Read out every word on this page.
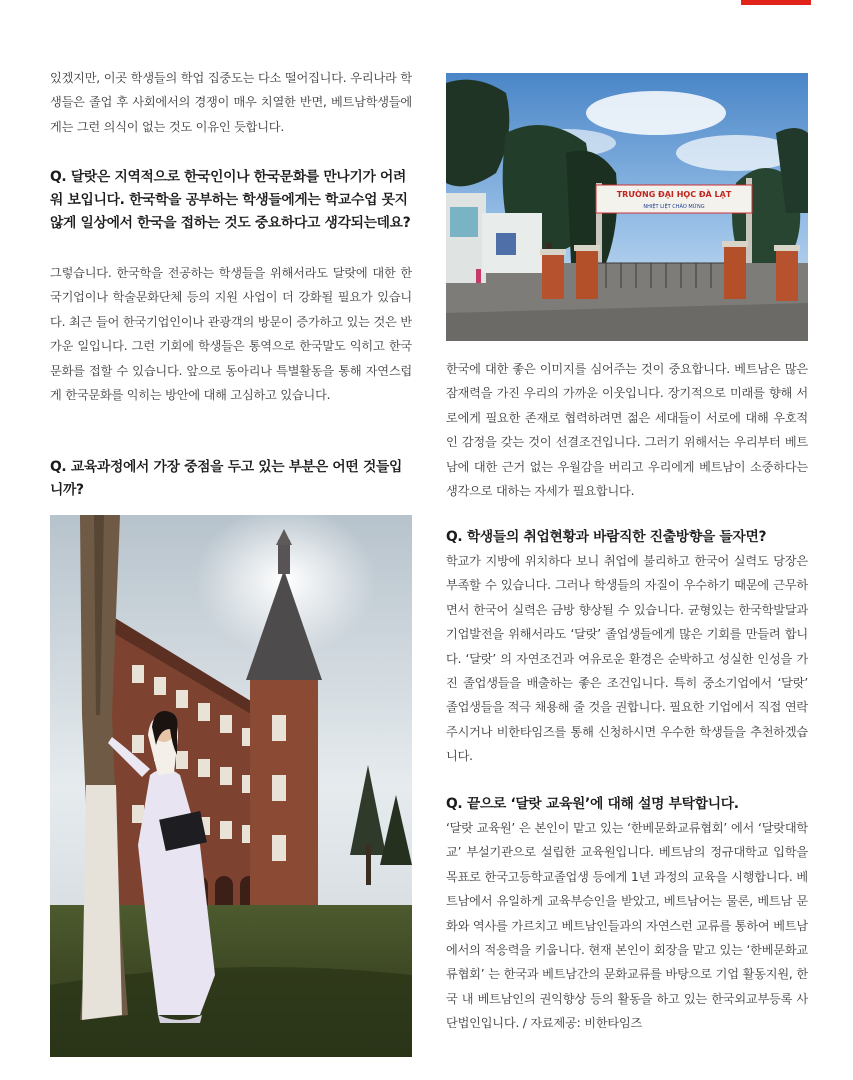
있겠지만, 이곳 학생들의 학업 집중도는 다소 떨어집니다. 우리나라 학생들은 졸업 후 사회에서의 경쟁이 매우 치열한 반면, 베트남학생들에게는 그런 의식이 없는 것도 이유인 듯합니다.

Q. 달랏은 지역적으로 한국인이나 한국문화를 만나기가 어려워 보입니다. 한국학을 공부하는 학생들에게는 학교수업 못지않게 일상에서 한국을 접하는 것도 중요하다고 생각되는데요?

그렇습니다. 한국학을 전공하는 학생들을 위해서라도 달랏에 대한 한국기업이나 학술문화단체 등의 지원 사업이 더 강화될 필요가 있습니다. 최근 들어 한국기업인이나 관광객의 방문이 증가하고 있는 것은 반가운 일입니다. 그런 기회에 학생들은 통역으로 한국말도 익히고 한국문화를 접할 수 있습니다. 앞으로 동아리나 특별활동을 통해 자연스럽게 한국문화를 익히는 방안에 대해 고심하고 있습니다.

Q. 교육과정에서 가장 중점을 두고 있는 부분은 어떤 것들입니까?
TRƯỜNG ĐẠI HỌC ĐÀ LẠT
NHIỆT LIỆT CHÀO MỪNG

한국에 대한 좋은 이미지를 심어주는 것이 중요합니다. 베트남은 많은 잠재력을 가진 우리의 가까운 이웃입니다. 장기적으로 미래를 향해 서로에게 필요한 존재로 협력하려면 젊은 세대들이 서로에 대해 우호적인 감정을 갖는 것이 선결조건입니다. 그러기 위해서는 우리부터 베트남에 대한 근거 없는 우월감을 버리고 우리에게 베트남이 소중하다는 생각으로 대하는 자세가 필요합니다.

Q. 학생들의 취업현황과 바람직한 진출방향을 들자면?

학교가 지방에 위치하다 보니 취업에 불리하고 한국어 실력도 당장은 부족할 수 있습니다. 그러나 학생들의 자질이 우수하기 때문에 근무하면서 한국어 실력은 금방 향상될 수 있습니다. 균형있는 한국학발달과 기업발전을 위해서라도 ‘달랏’ 졸업생들에게 많은 기회를 만들려 합니다. ‘달랏’ 의 자연조건과 여유로운 환경은 순박하고 성실한 인성을 가진 졸업생들을 배출하는 좋은 조건입니다. 특히 중소기업에서 ‘달랏’ 졸업생들을 적극 채용해 줄 것을 권합니다. 필요한 기업에서 직접 연락 주시거나 비한타임즈를 통해 신청하시면 우수한 학생들을 추천하겠습니다.

Q. 끝으로 ‘달랏 교육원’에 대해 설명 부탁합니다.

‘달랏 교육원’ 은 본인이 맡고 있는 ‘한베문화교류협회’ 에서 ‘달랏대학교’ 부설기관으로 설립한 교육원입니다. 베트남의 정규대학교 입학을 목표로 한국고등학교졸업생 등에게 1년 과정의 교육을 시행합니다. 베트남에서 유일하게 교육부승인을 받았고, 베트남어는 물론, 베트남 문화와 역사를 가르치고 베트남인들과의 자연스런 교류를 통하여 베트남에서의 적응력을 키웁니다. 현재 본인이 회장을 맡고 있는 ‘한베문화교류협회’ 는 한국과 베트남간의 문화교류를 바탕으로 기업 활동지원, 한국 내 베트남인의 권익향상 등의 활동을 하고 있는 한국외교부등록 사단법인입니다. / 자료제공: 비한타임즈
